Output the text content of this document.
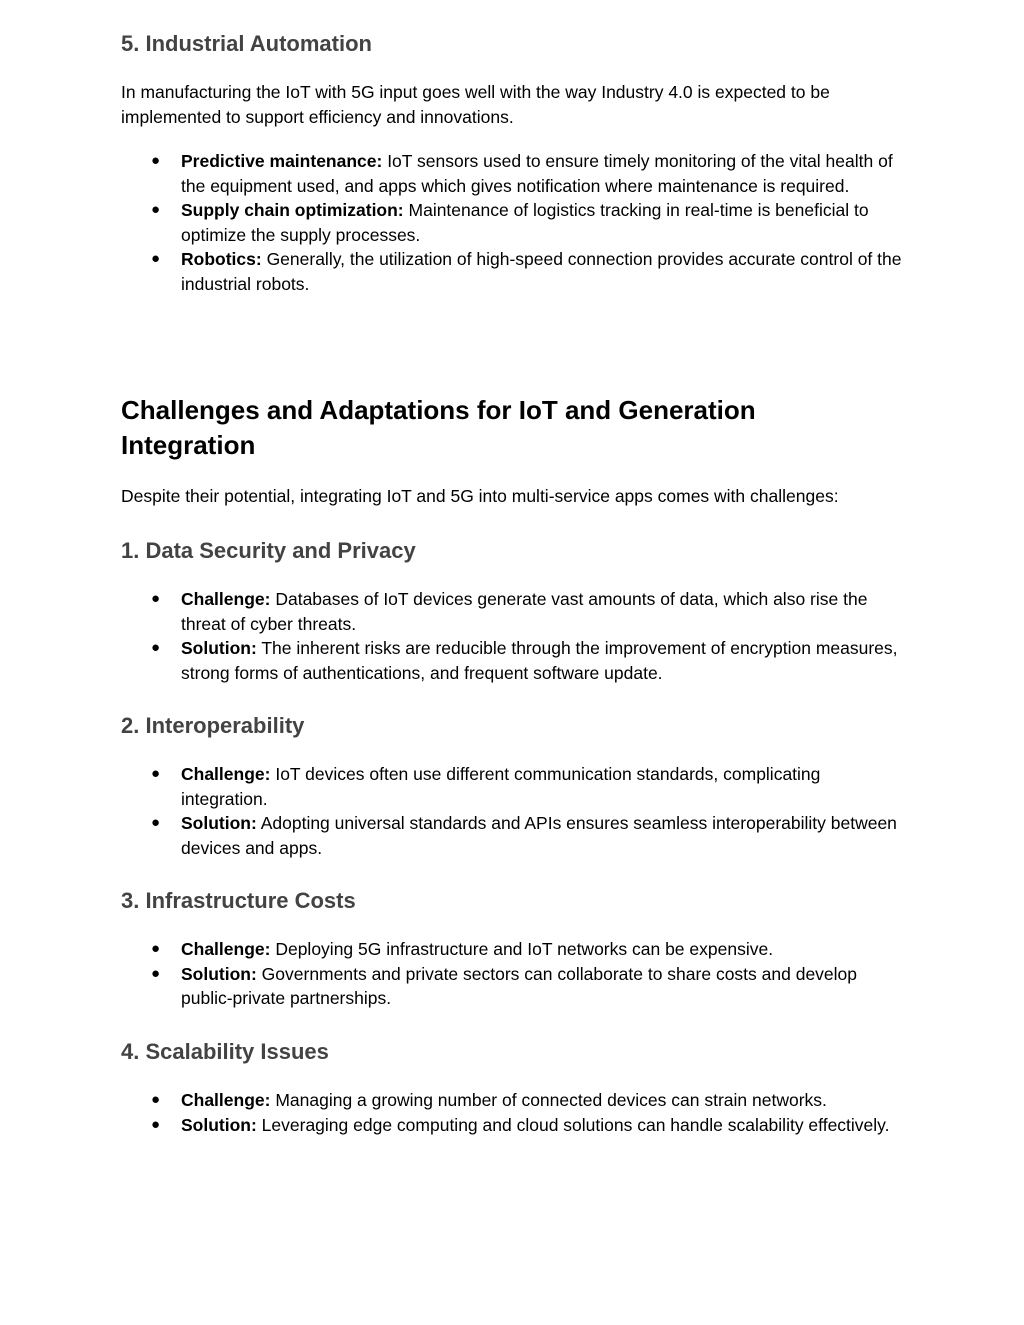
5. Industrial Automation

In manufacturing the IoT with 5G input goes well with the way Industry 4.0 is expected to be implemented to support efficiency and innovations.

● Predictive maintenance: IoT sensors used to ensure timely monitoring of the vital health of the equipment used, and apps which gives notification where maintenance is required.
● Supply chain optimization: Maintenance of logistics tracking in real-time is beneficial to optimize the supply processes.
● Robotics: Generally, the utilization of high-speed connection provides accurate control of the industrial robots.
Challenges and Adaptations for IoT and Generation Integration

Despite their potential, integrating IoT and 5G into multi-service apps comes with challenges:

1. Data Security and Privacy
● Challenge: Databases of IoT devices generate vast amounts of data, which also rise the threat of cyber threats.
● Solution: The inherent risks are reducible through the improvement of encryption measures, strong forms of authentications, and frequent software update.
2. Interoperability
● Challenge: IoT devices often use different communication standards, complicating integration.
● Solution: Adopting universal standards and APIs ensures seamless interoperability between devices and apps.
3. Infrastructure Costs
● Challenge: Deploying 5G infrastructure and IoT networks can be expensive.
● Solution: Governments and private sectors can collaborate to share costs and develop public-private partnerships.
4. Scalability Issues
● Challenge: Managing a growing number of connected devices can strain networks.
● Solution: Leveraging edge computing and cloud solutions can handle scalability effectively.
